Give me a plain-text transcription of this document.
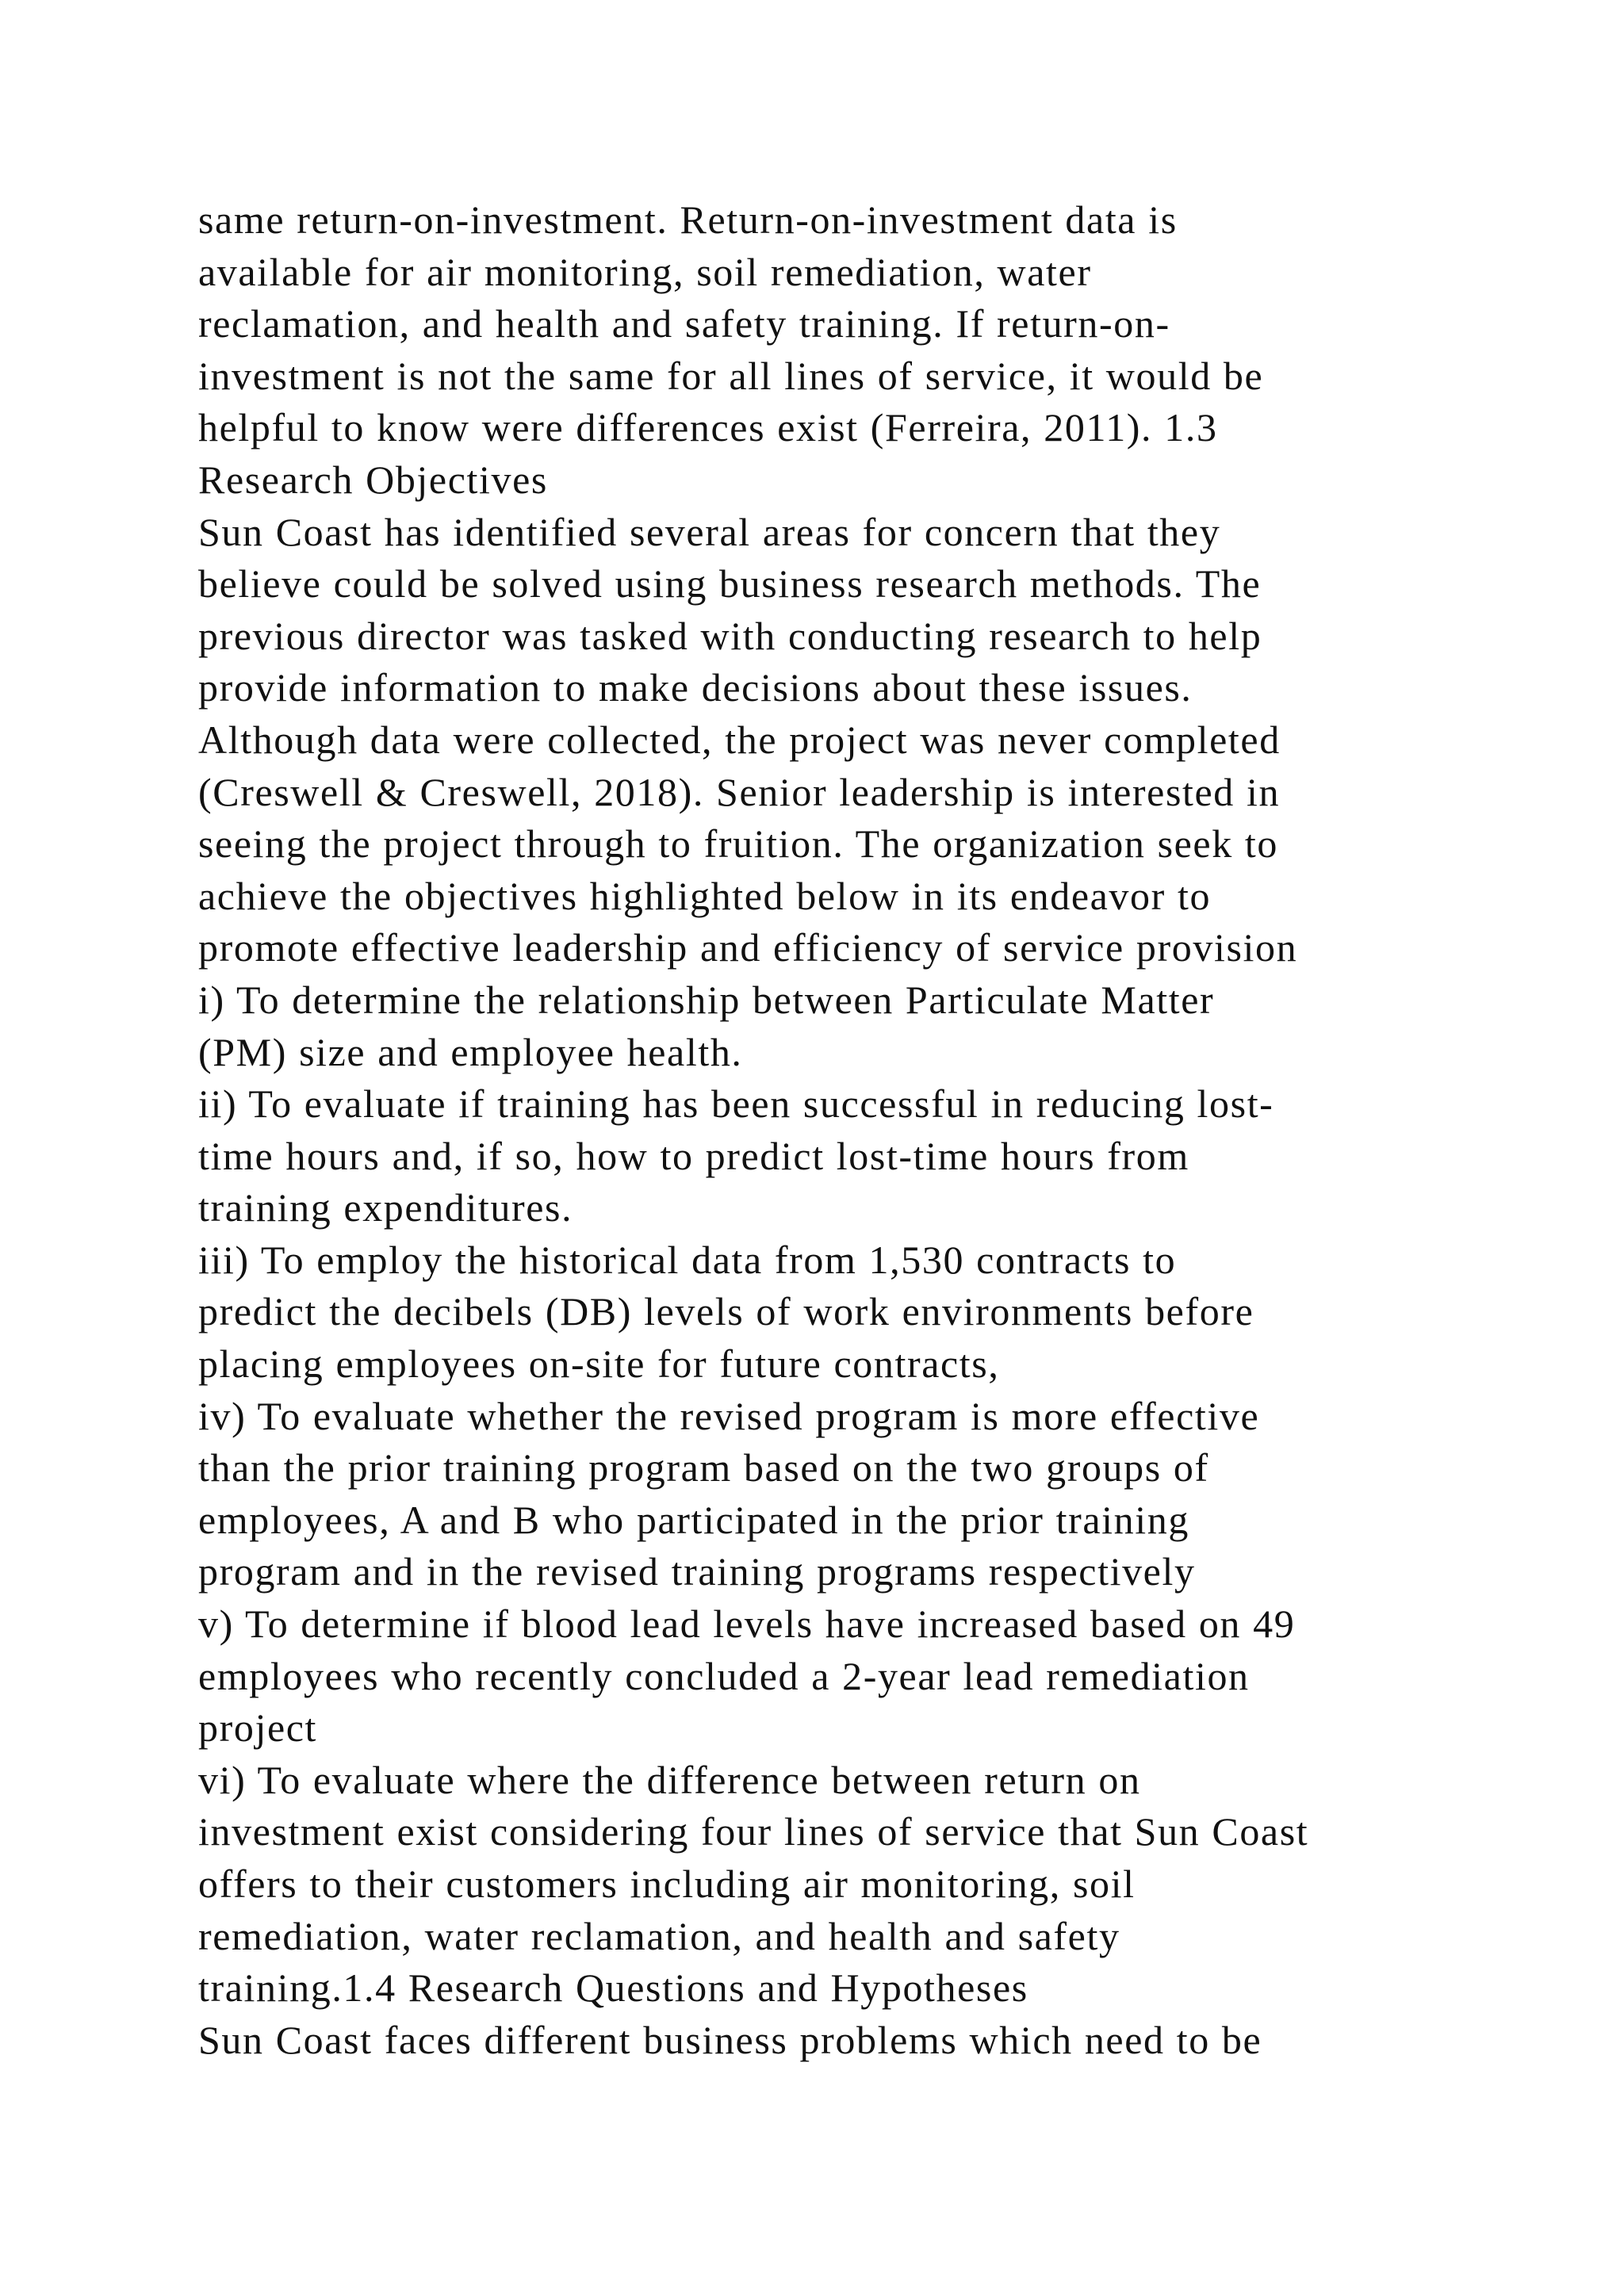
same return-on-investment. Return-on-investment data is
available for air monitoring, soil remediation, water
reclamation, and health and safety training. If return-on-
investment is not the same for all lines of service, it would be
helpful to know were differences exist (Ferreira, 2011). 1.3
Research Objectives
Sun Coast has identified several areas for concern that they
believe could be solved using business research methods. The
previous director was tasked with conducting research to help
provide information to make decisions about these issues.
Although data were collected, the project was never completed
(Creswell & Creswell, 2018). Senior leadership is interested in
seeing the project through to fruition. The organization seek to
achieve the objectives highlighted below in its endeavor to
promote effective leadership and efficiency of service provision
i) To determine the relationship between Particulate Matter
(PM) size and employee health.
ii) To evaluate if training has been successful in reducing lost-
time hours and, if so, how to predict lost-time hours from
training expenditures.
iii) To employ the historical data from 1,530 contracts to
predict the decibels (DB) levels of work environments before
placing employees on-site for future contracts,
iv) To evaluate whether the revised program is more effective
than the prior training program based on the two groups of
employees, A and B who participated in the prior training
program and in the revised training programs respectively
v) To determine if blood lead levels have increased based on 49
employees who recently concluded a 2-year lead remediation
project
vi) To evaluate where the difference between return on
investment exist considering four lines of service that Sun Coast
offers to their customers including air monitoring, soil
remediation, water reclamation, and health and safety
training.1.4 Research Questions and Hypotheses
Sun Coast faces different business problems which need to be
